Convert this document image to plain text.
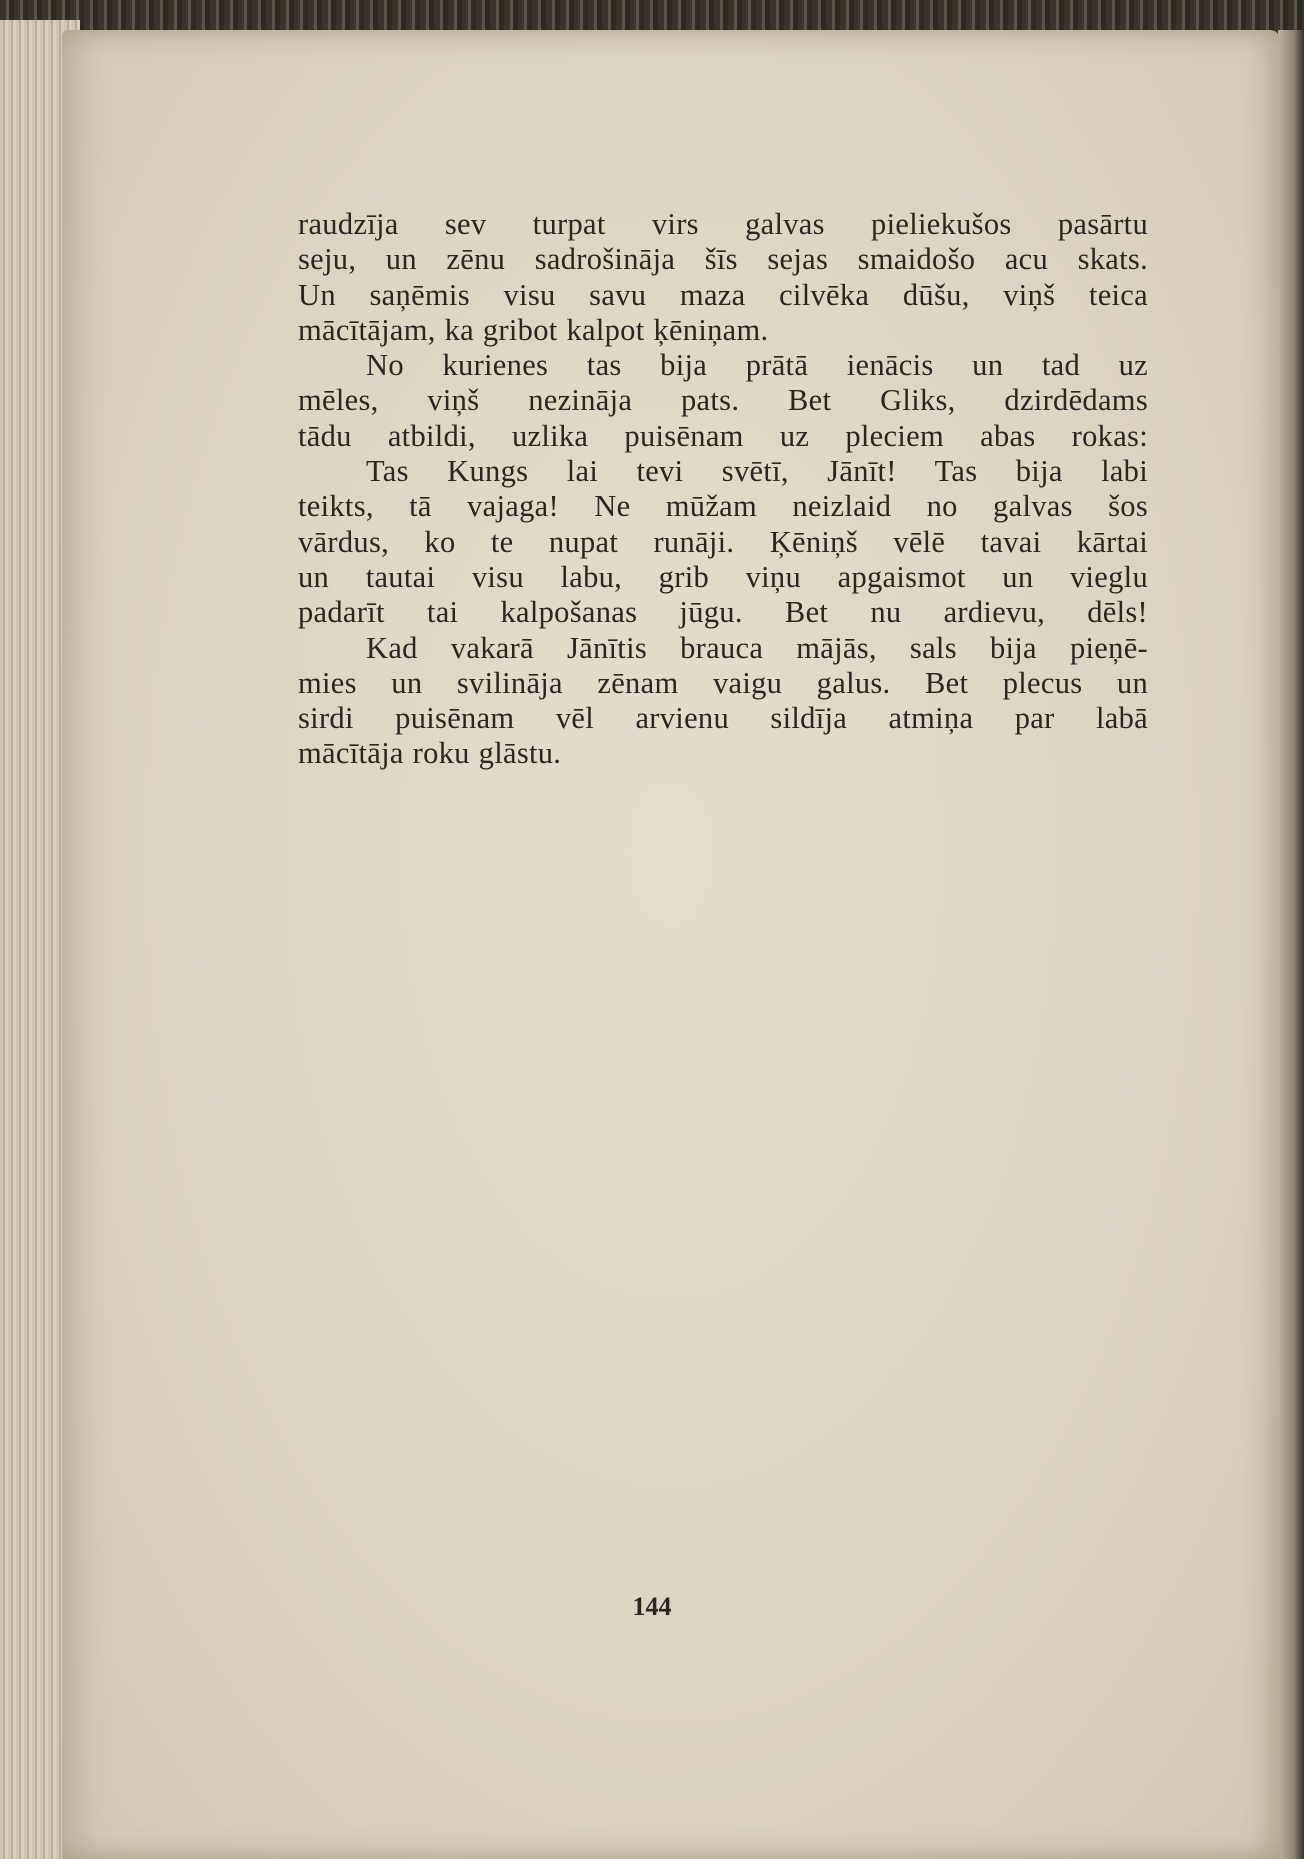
raudzīja sev turpat virs galvas pieliekušos pasārtu
seju, un zēnu sadrošināja šīs sejas smaidošo acu skats.
Un saņēmis visu savu maza cilvēka dūšu, viņš teica
mācītājam, ka gribot kalpot ķēniņam.
No kurienes tas bija prātā ienācis un tad uz
mēles, viņš nezināja pats. Bet Gliks, dzirdēdams
tādu atbildi, uzlika puisēnam uz pleciem abas rokas:
Tas Kungs lai tevi svētī, Jānīt! Tas bija labi
teikts, tā vajaga! Ne mūžam neizlaid no galvas šos
vārdus, ko te nupat runāji. Ķēniņš vēlē tavai kārtai
un tautai visu labu, grib viņu apgaismot un vieglu
padarīt tai kalpošanas jūgu. Bet nu ardievu, dēls!
Kad vakarā Jānītis brauca mājās, sals bija pieņē-
mies un svilināja zēnam vaigu galus. Bet plecus un
sirdi puisēnam vēl arvienu sildīja atmiņa par labā
mācītāja roku glāstu.
144
